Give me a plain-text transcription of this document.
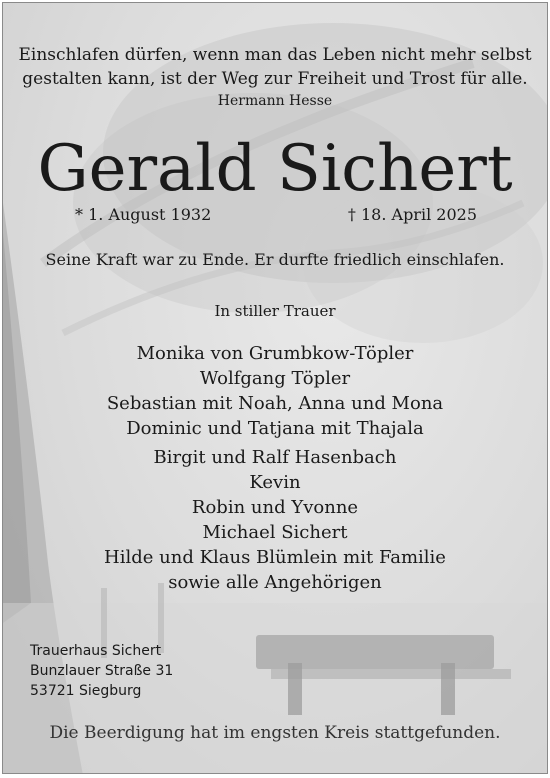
Einschlafen dürfen, wenn man das Leben nicht mehr selbst
gestalten kann, ist der Weg zur Freiheit und Trost für alle.
Hermann Hesse
Gerald Sichert
* 1. August 1932	† 18. April 2025
Seine Kraft war zu Ende. Er durfte friedlich einschlafen.
In stiller Trauer
Monika von Grumbkow-Töpler
Wolfgang Töpler
Sebastian mit Noah, Anna und Mona
Dominic und Tatjana mit Thajala
Birgit und Ralf Hasenbach
Kevin
Robin und Yvonne
Michael Sichert
Hilde und Klaus Blümlein mit Familie
sowie alle Angehörigen
Trauerhaus Sichert
Bunzlauer Straße 31
53721 Siegburg
Die Beerdigung hat im engsten Kreis stattgefunden.
